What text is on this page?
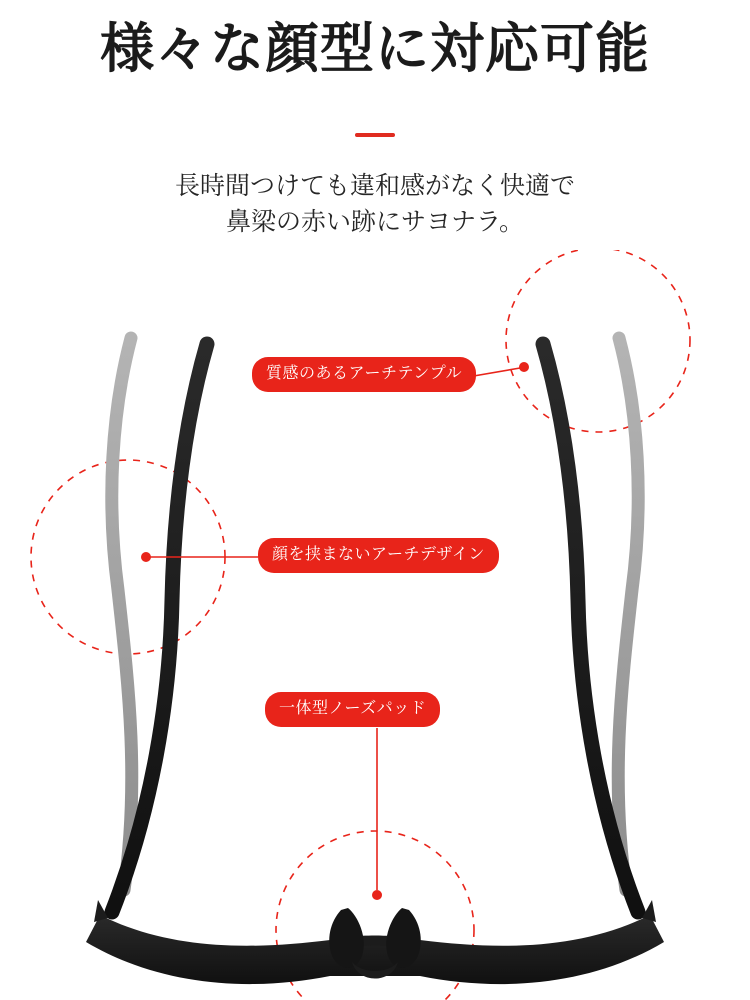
様々な顔型に対応可能
長時間つけても違和感がなく快適で
鼻梁の赤い跡にサヨナラ。
質感のあるアーチテンプル
顔を挟まないアーチデザイン
一体型ノーズパッド
